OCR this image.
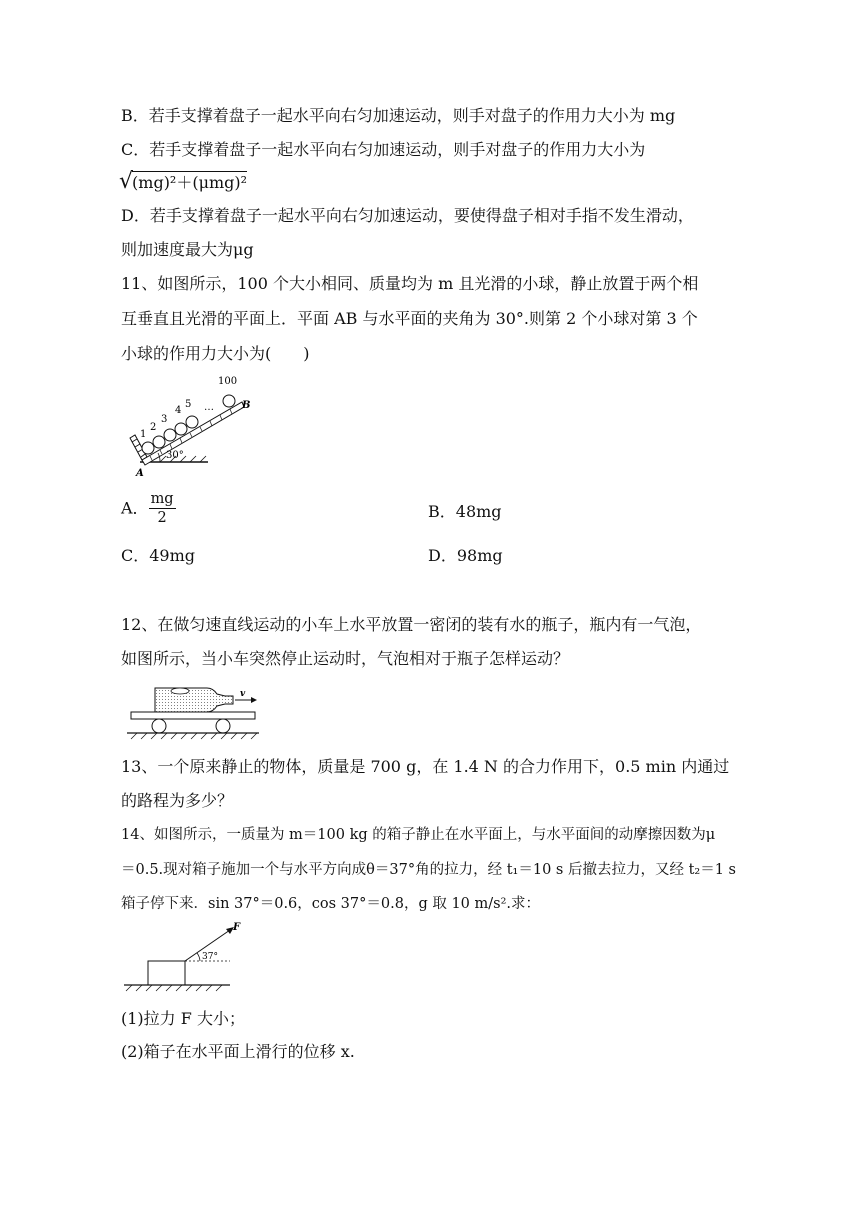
B．若手支撑着盘子一起水平向右匀加速运动，则手对盘子的作用力大小为 mg
C．若手支撑着盘子一起水平向右匀加速运动，则手对盘子的作用力大小为
√ (mg)²＋(μmg)²
D．若手支撑着盘子一起水平向右匀加速运动，要使得盘子相对手指不发生滑动，
则加速度最大为μg
11、如图所示，100 个大小相同、质量均为 m 且光滑的小球，静止放置于两个相
互垂直且光滑的平面上．平面 AB 与水平面的夹角为 30°.则第 2 个小球对第 3 个
小球的作用力大小为(　　)
1
2
3
4
5 …
100
B
A
30°
A． $\frac{mg}{2}$	B．48mg
C．49mg	D．98mg
12、在做匀速直线运动的小车上水平放置一密闭的装有水的瓶子，瓶内有一气泡，
如图所示，当小车突然停止运动时，气泡相对于瓶子怎样运动？
v
13、一个原来静止的物体，质量是 700 g，在 1.4 N 的合力作用下，0.5 min 内通过
的路程为多少？
14、如图所示，一质量为 m＝100 kg 的箱子静止在水平面上，与水平面间的动摩擦因数为μ
＝0.5.现对箱子施加一个与水平方向成θ＝37°角的拉力，经 t₁＝10 s 后撤去拉力，又经 t₂＝1 s
箱子停下来．sin 37°＝0.6，cos 37°＝0.8，g 取 10 m/s².求：
F
37°
(1)拉力 F 大小；
(2)箱子在水平面上滑行的位移 x.
